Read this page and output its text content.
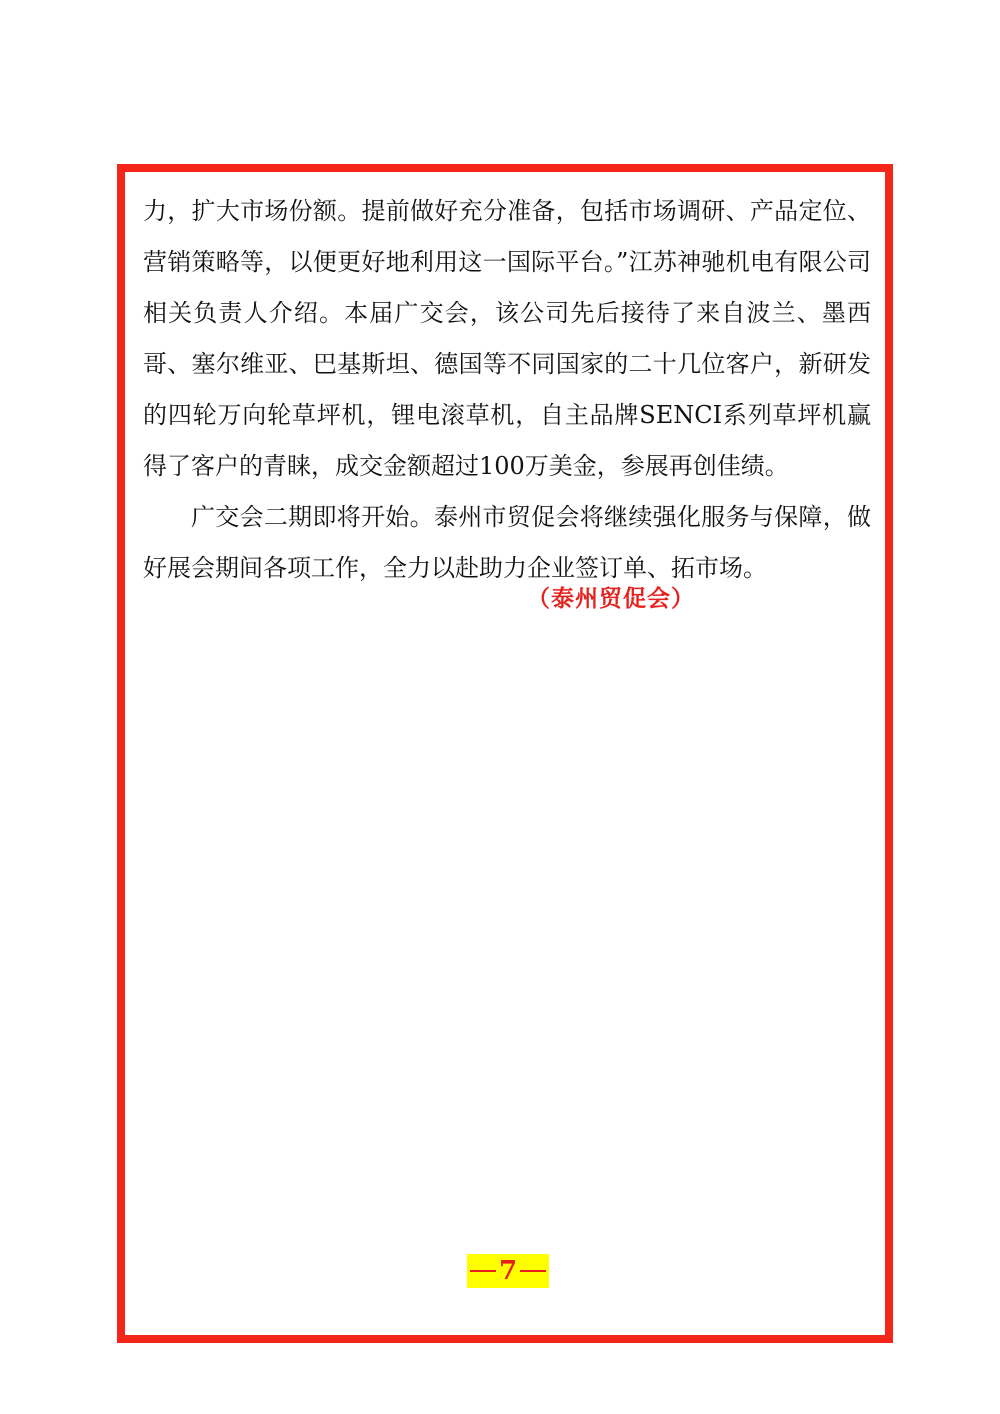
力，扩大市场份额。提前做好充分准备，包括市场调研、产品定位、营销策略等，以便更好地利用这一国际平台。”江苏神驰机电有限公司相关负责人介绍。本届广交会，该公司先后接待了来自波兰、墨西哥、塞尔维亚、巴基斯坦、德国等不同国家的二十几位客户，新研发的四轮万向轮草坪机，锂电滚草机，自主品牌SENCI系列草坪机赢得了客户的青睐，成交金额超过100万美金，参展再创佳绩。

广交会二期即将开始。泰州市贸促会将继续强化服务与保障，做好展会期间各项工作，全力以赴助力企业签订单、拓市场。

（泰州贸促会）
7
